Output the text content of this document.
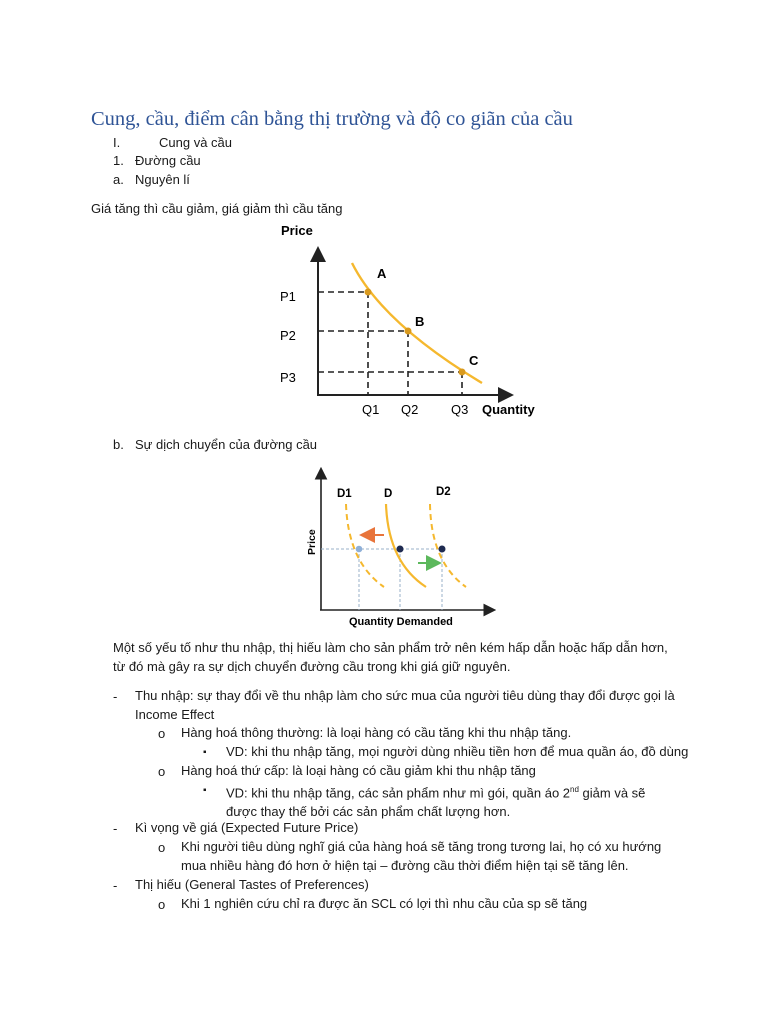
Cung, cầu, điểm cân bằng thị trường và độ co giãn của cầu
I.	Cung và cầu
1. Đường cầu
a. Nguyên lí
Giá tăng thì cầu giảm, giá giảm thì cầu tăng
Price
Quantity
P1
P2
P3
Q1 Q2	Q3
A
B
C
b. Sự dịch chuyển của đường cầu
D1	D	D2
Price
Quantity Demanded
Một số yếu tố như thu nhập, thị hiếu làm cho sản phẩm trở nên kém hấp dẫn hoặc hấp dẫn hơn, từ đó mà gây ra sự dịch chuyển đường cầu trong khi giá giữ nguyên.
- Thu nhập: sự thay đổi về thu nhập làm cho sức mua của người tiêu dùng thay đổi được gọi là Income Effect
o Hàng hoá thông thường: là loại hàng có cầu tăng khi thu nhập tăng.
▪ VD: khi thu nhập tăng, mọi người dùng nhiều tiền hơn để mua quần áo, đồ dùng
o Hàng hoá thứ cấp: là loại hàng có cầu giảm khi thu nhập tăng
▪ VD: khi thu nhập tăng, các sản phẩm như mì gói, quần áo 2nd giảm và sẽ được thay thế bởi các sản phẩm chất lượng hơn.
- Kì vọng về giá (Expected Future Price)
o Khi người tiêu dùng nghĩ giá của hàng hoá sẽ tăng trong tương lai, họ có xu hướng mua nhiều hàng đó hơn ở hiện tại – đường cầu thời điểm hiện tại sẽ tăng lên.
- Thị hiếu (General Tastes of Preferences)
o Khi 1 nghiên cứu chỉ ra được ăn SCL có lợi thì nhu cầu của sp sẽ tăng
